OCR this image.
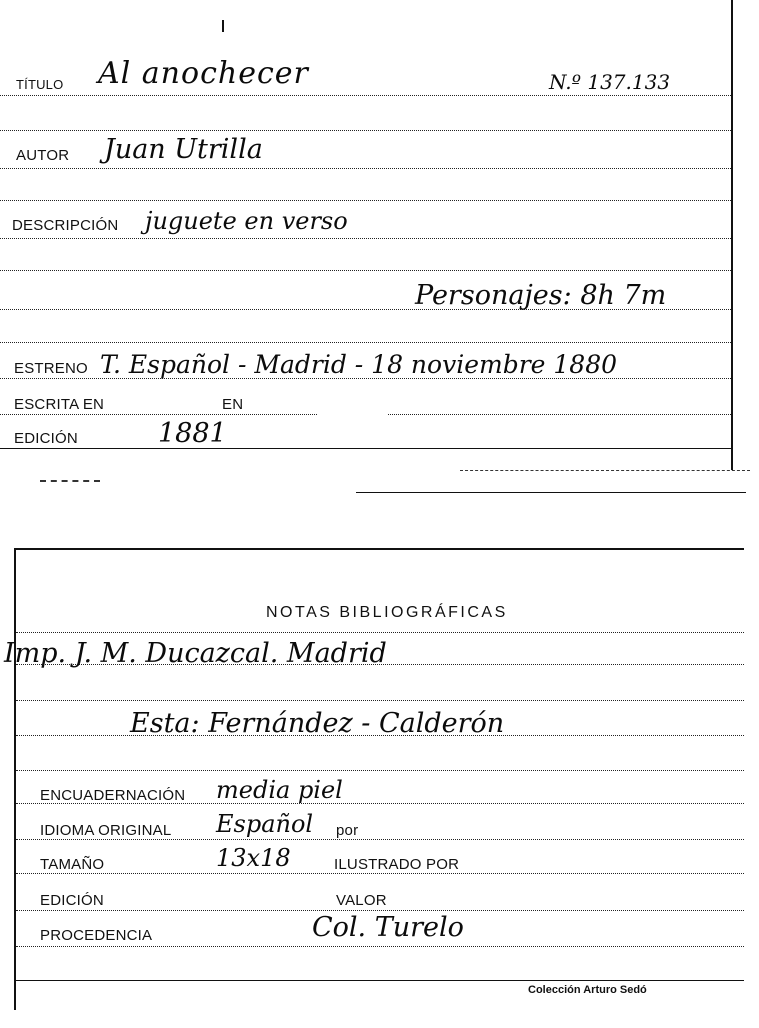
TÍTULO Al anochecer	N.º 137.133
AUTOR Juan Utrilla
DESCRIPCIÓN juguete en verso
Personajes: 8h 7m
ESTRENO T. Español - Madrid - 18 noviembre 1880
ESCRITA EN	EN
EDICIÓN	1881
NOTAS BIBLIOGRÁFICAS
Imp. J. M. Ducazcal. Madrid
Esta: Fernández - Calderón
ENCUADERNACIÓN media piel
IDIOMA ORIGINAL Español por
TAMAÑO	13x18	ILUSTRADO POR
EDICIÓN	VALOR
PROCEDENCIA	Col. Turelo
Colección Arturo Sedó
